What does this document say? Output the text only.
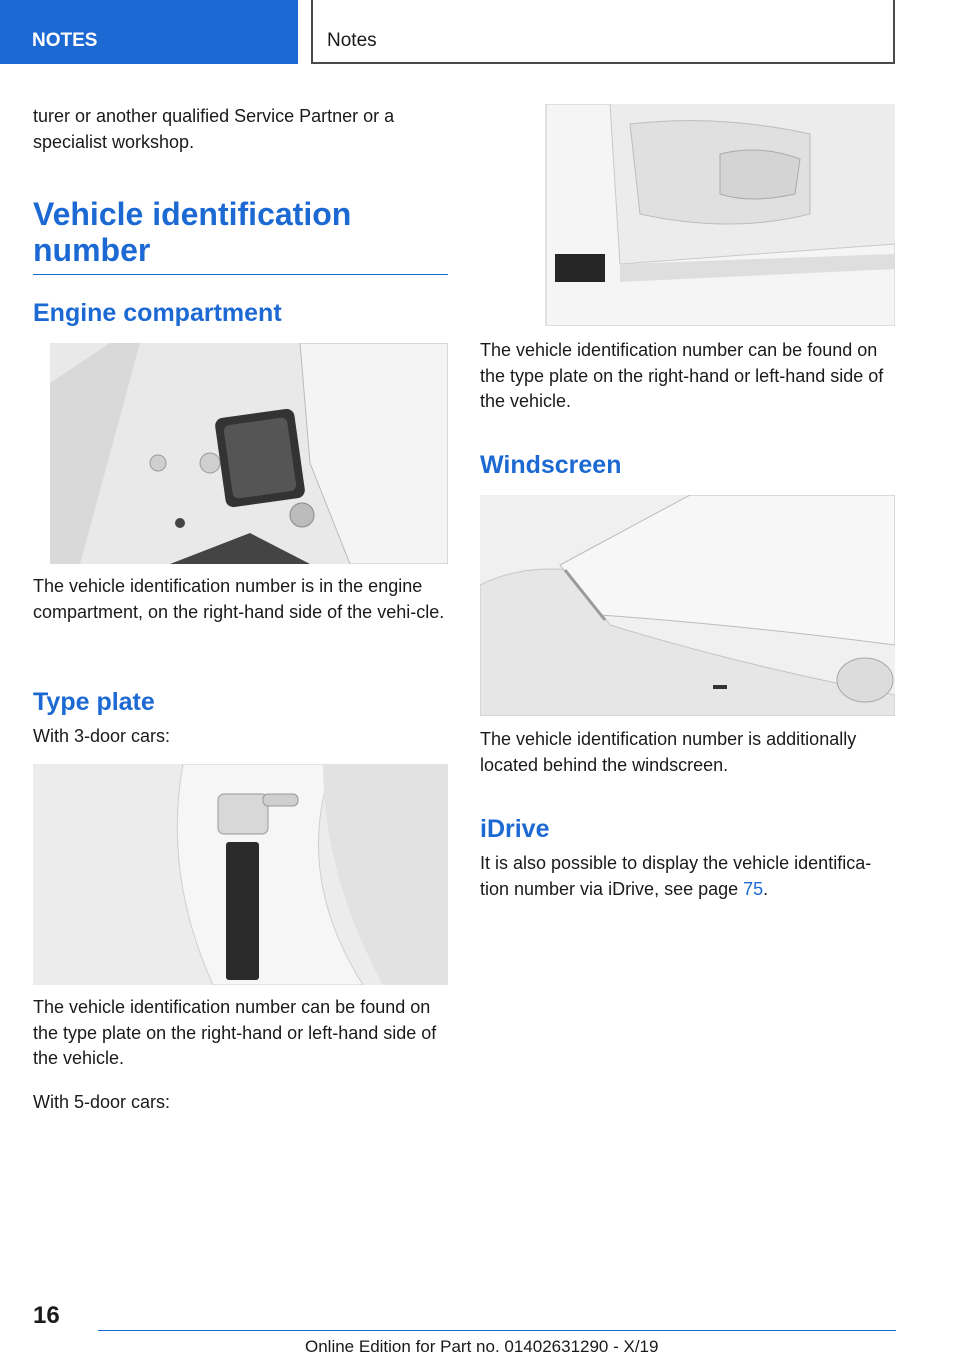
NOTES	Notes

turer or another qualified Service Partner or a specialist workshop.

Vehicle identification number
Engine compartment

The vehicle identification number is in the engine compartment, on the right-hand side of the vehi-cle.

Type plate

With 3-door cars:

The vehicle identification number can be found on the type plate on the right-hand or left-hand side of the vehicle.

With 5-door cars:

The vehicle identification number can be found on the type plate on the right-hand or left-hand side of the vehicle.

Windscreen

The vehicle identification number is additionally located behind the windscreen.

iDrive

It is also possible to display the vehicle identifica-tion number via iDrive, see page 75.

16
Online Edition for Part no. 01402631290 - X/19
